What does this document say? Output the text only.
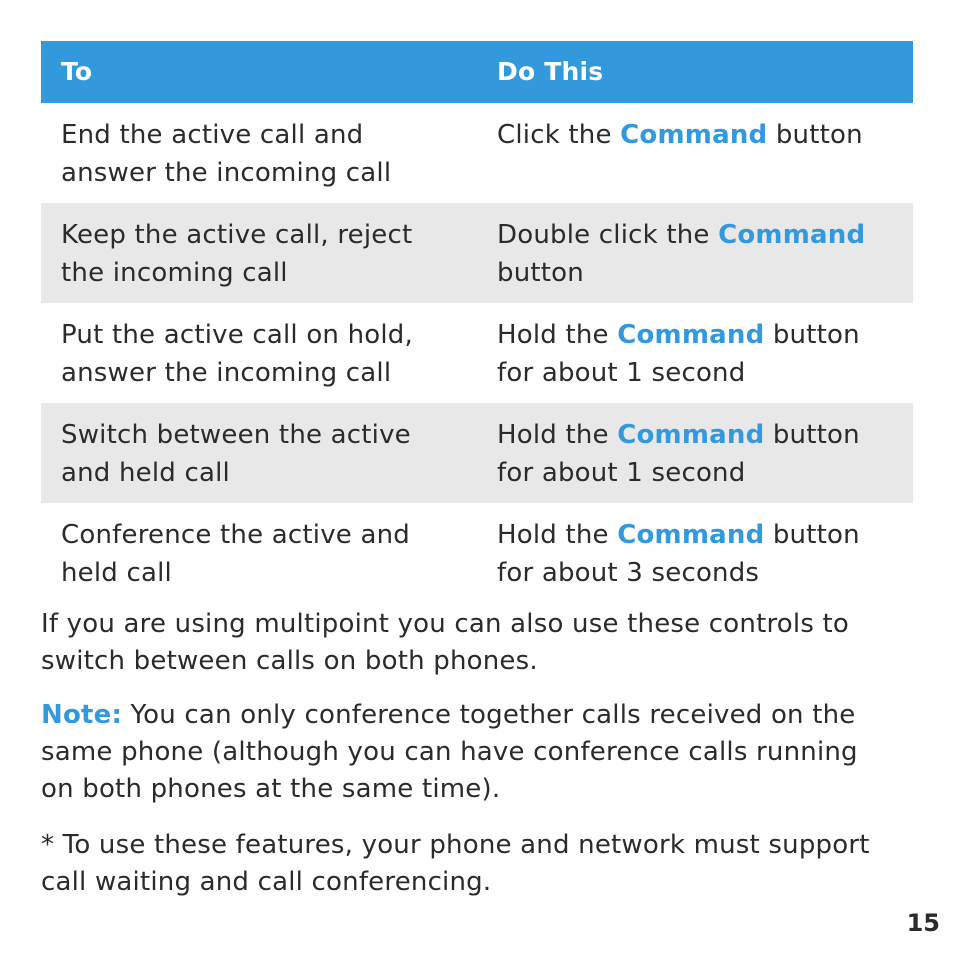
To	Do This
End the active call and
answer the incoming call
Click the Command button
Keep the active call, reject
the incoming call
Double click the Command
button
Put the active call on hold,
answer the incoming call
Hold the Command button
for about 1 second
Switch between the active
and held call
Hold the Command button
for about 1 second
Conference the active and
held call
Hold the Command button
for about 3 seconds

If you are using multipoint you can also use these controls to
switch between calls on both phones.

Note: You can only conference together calls received on the
same phone (although you can have conference calls running
on both phones at the same time).

* To use these features, your phone and network must support
call waiting and call conferencing.

15
